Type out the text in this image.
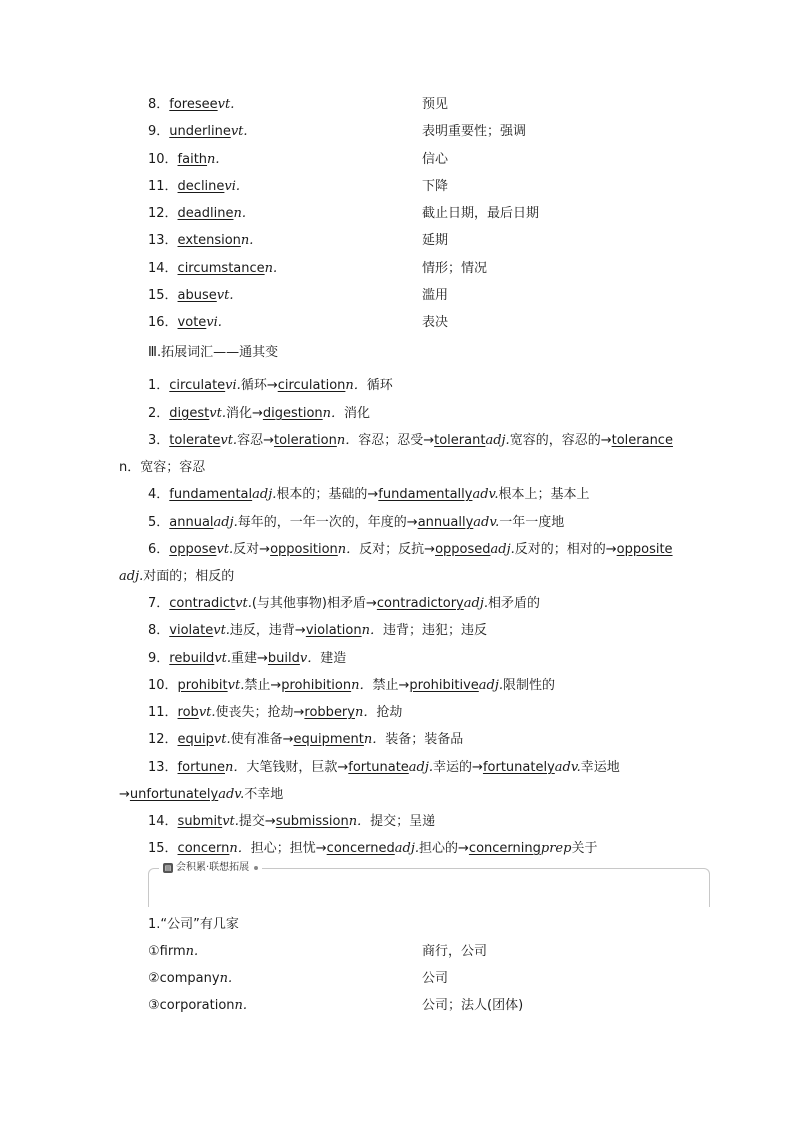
8．foreseevt.	预见
9．underlinevt.	表明重要性；强调
10．faithn.	信心
11．declinevi.	下降
12．deadlinen.	截止日期，最后日期
13．extensionn.	延期
14．circumstancen.	情形；情况
15．abusevt.	滥用
16．votevi.	表决
Ⅲ.拓展词汇——通其变
1．circulatevi.循环→circulationn．循环
2．digestvt.消化→digestionn．消化
3．toleratevt.容忍→tolerationn．容忍；忍受→tolerantadj.宽容的，容忍的→tolerance
n．宽容；容忍
4．fundamentaladj.根本的；基础的→fundamentallyadv.根本上；基本上
5．annualadj.每年的，一年一次的，年度的→annuallyadv.一年一度地
6．opposevt.反对→oppositionn．反对；反抗→opposedadj.反对的；相对的→opposite
adj.对面的；相反的
7．contradictvt.(与其他事物)相矛盾→contradictoryadj.相矛盾的
8．violatevt.违反，违背→violationn．违背；违犯；违反
9．rebuildvt.重建→buildv．建造
10．prohibitvt.禁止→prohibitionn．禁止→prohibitiveadj.限制性的
11．robvt.使丧失；抢劫→robberyn．抢劫
12．equipvt.使有准备→equipmentn．装备；装备品
13．fortunen．大笔钱财，巨款→fortunateadj.幸运的→fortunatelyadv.幸运地
→unfortunatelyadv.不幸地
14．submitvt.提交→submissionn．提交；呈递
15．concernn．担心；担忧→concernedadj.担心的→concerningprep关于
▤ 会积累·联想拓展
1.“公司”有几家
①firmn.	商行，公司
②companyn.	公司
③corporationn.	公司；法人(团体)
